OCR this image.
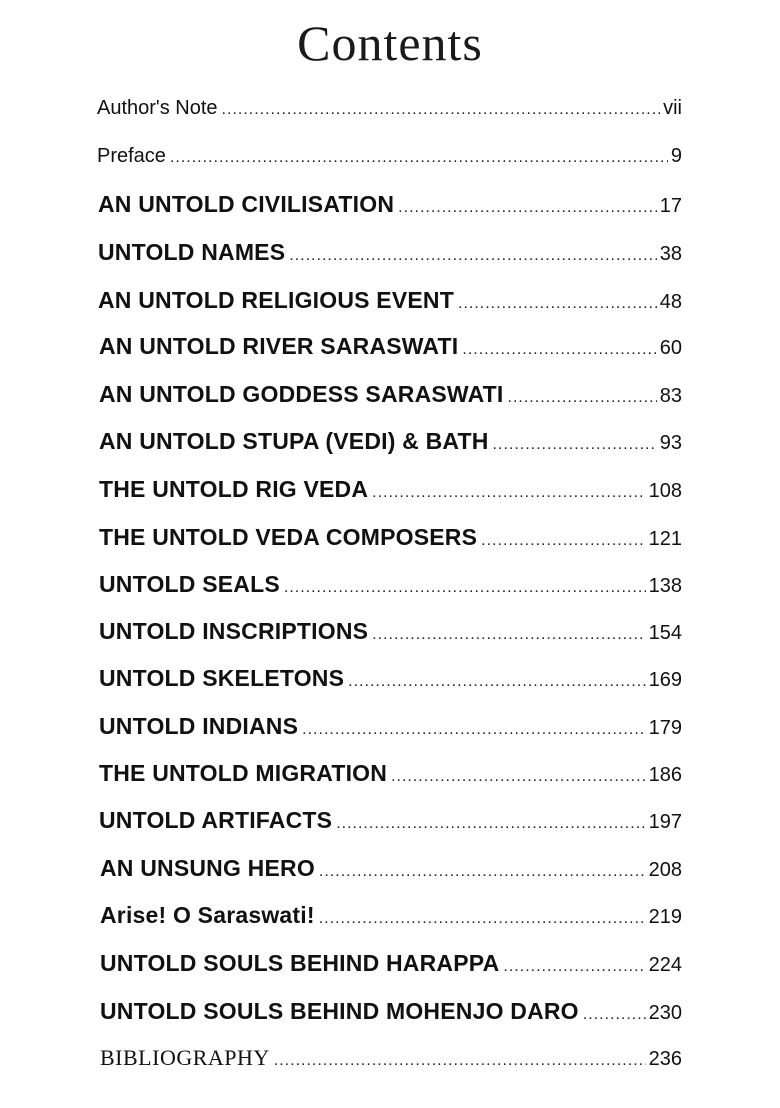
Contents
Author's Note .....	vii
Preface .....	9
AN UNTOLD CIVILISATION .....	17
UNTOLD NAMES .....	38
AN UNTOLD RELIGIOUS EVENT .....	48
AN UNTOLD RIVER SARASWATI .....	60
AN UNTOLD GODDESS SARASWATI .....	83
AN UNTOLD STUPA (VEDI) & BATH .....	93
THE UNTOLD RIG VEDA .....	108
THE UNTOLD VEDA COMPOSERS .....	121
UNTOLD SEALS .....	138
UNTOLD INSCRIPTIONS .....	154
UNTOLD SKELETONS .....	169
UNTOLD INDIANS .....	179
THE UNTOLD MIGRATION .....	186
UNTOLD ARTIFACTS .....	197
AN UNSUNG HERO .....	208
Arise! O Saraswati! .....	219
UNTOLD SOULS BEHIND HARAPPA .....	224
UNTOLD SOULS BEHIND MOHENJO DARO .....	230
BIBLIOGRAPHY .....	236
